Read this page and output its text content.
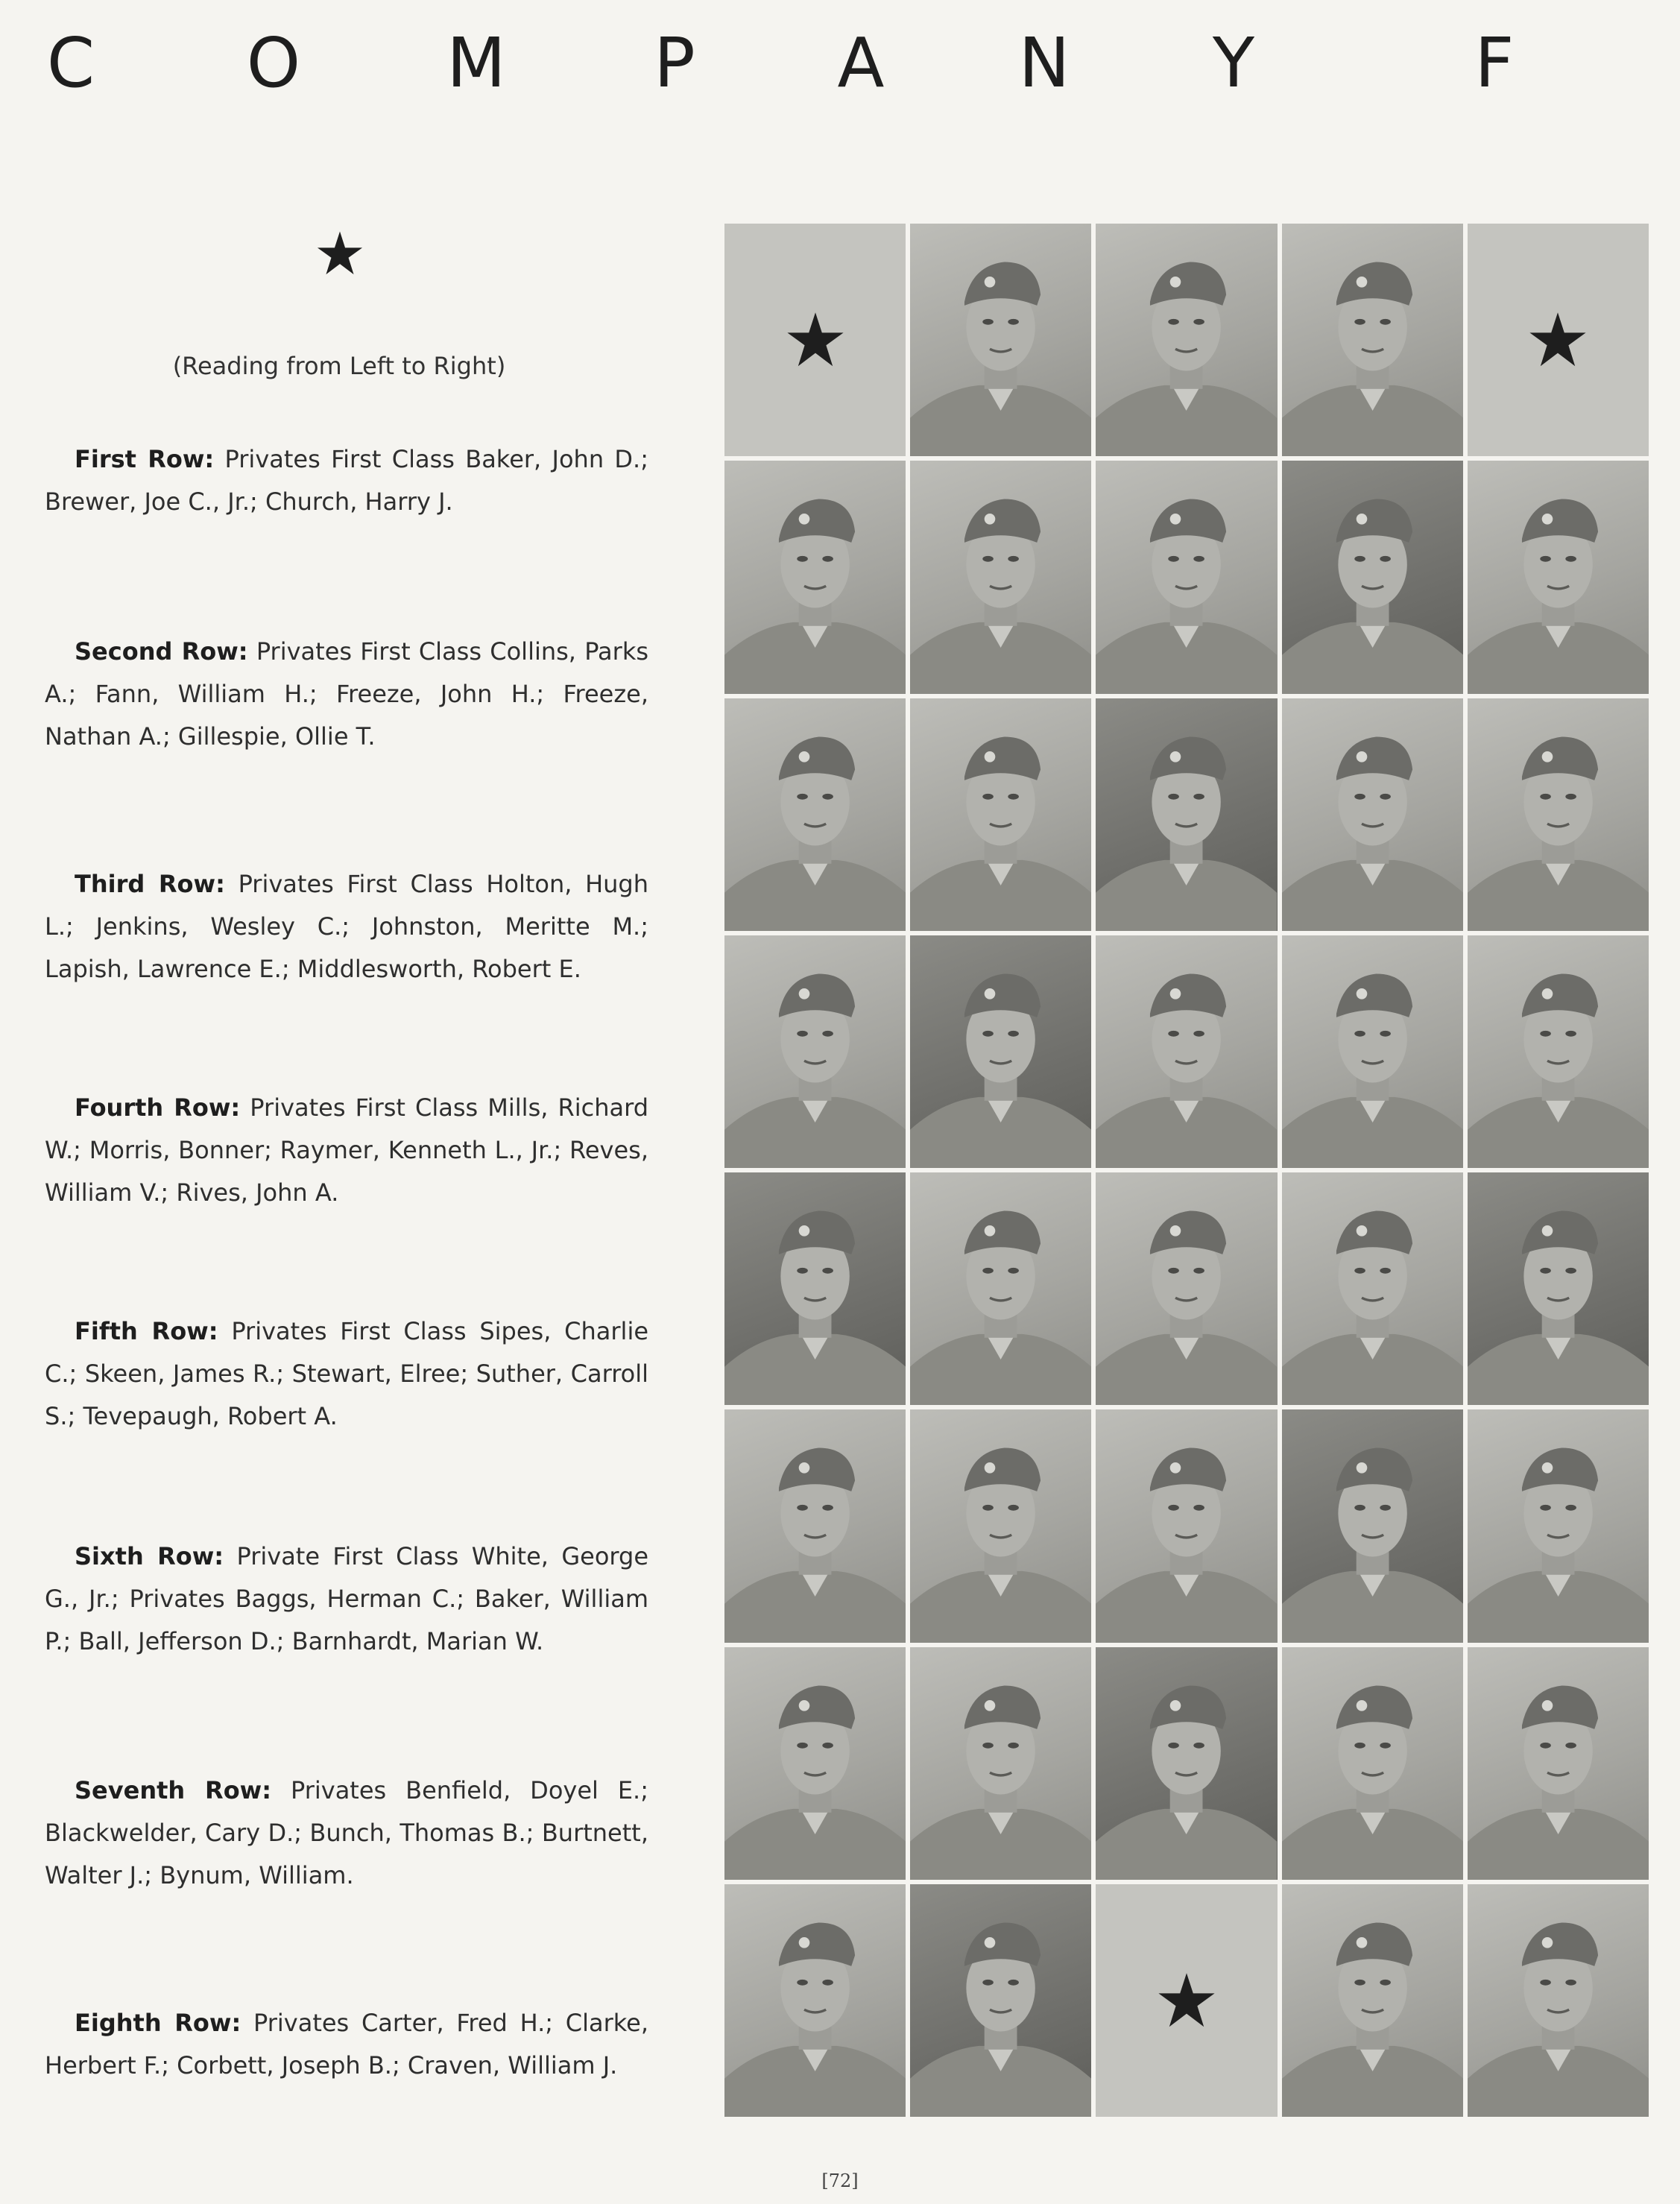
C O M P A N Y	F
(Reading from Left to Right)
First Row: Privates First Class Baker, John D.; Brewer, Joe C., Jr.; Church, Harry J.
Second Row: Privates First Class Collins, Parks A.; Fann, William H.; Freeze, John H.; Freeze, Nathan A.; Gillespie, Ollie T.
Third Row: Privates First Class Holton, Hugh L.; Jenkins, Wesley C.; Johnston, Meritte M.; Lapish, Lawrence E.; Middlesworth, Robert E.
Fourth Row: Privates First Class Mills, Richard W.; Morris, Bonner; Raymer, Kenneth L., Jr.; Reves, William V.; Rives, John A.
Fifth Row: Privates First Class Sipes, Charlie C.; Skeen, James R.; Stewart, Elree; Suther, Carroll S.; Tevepaugh, Robert A.
Sixth Row: Private First Class White, George G., Jr.; Privates Baggs, Herman C.; Baker, William P.; Ball, Jefferson D.; Barnhardt, Marian W.
Seventh Row: Privates Benfield, Doyel E.; Blackwelder, Cary D.; Bunch, Thomas B.; Burtnett, Walter J.; Bynum, William.
Eighth Row: Privates Carter, Fred H.; Clarke, Herbert F.; Corbett, Joseph B.; Craven, William J.
[72]
